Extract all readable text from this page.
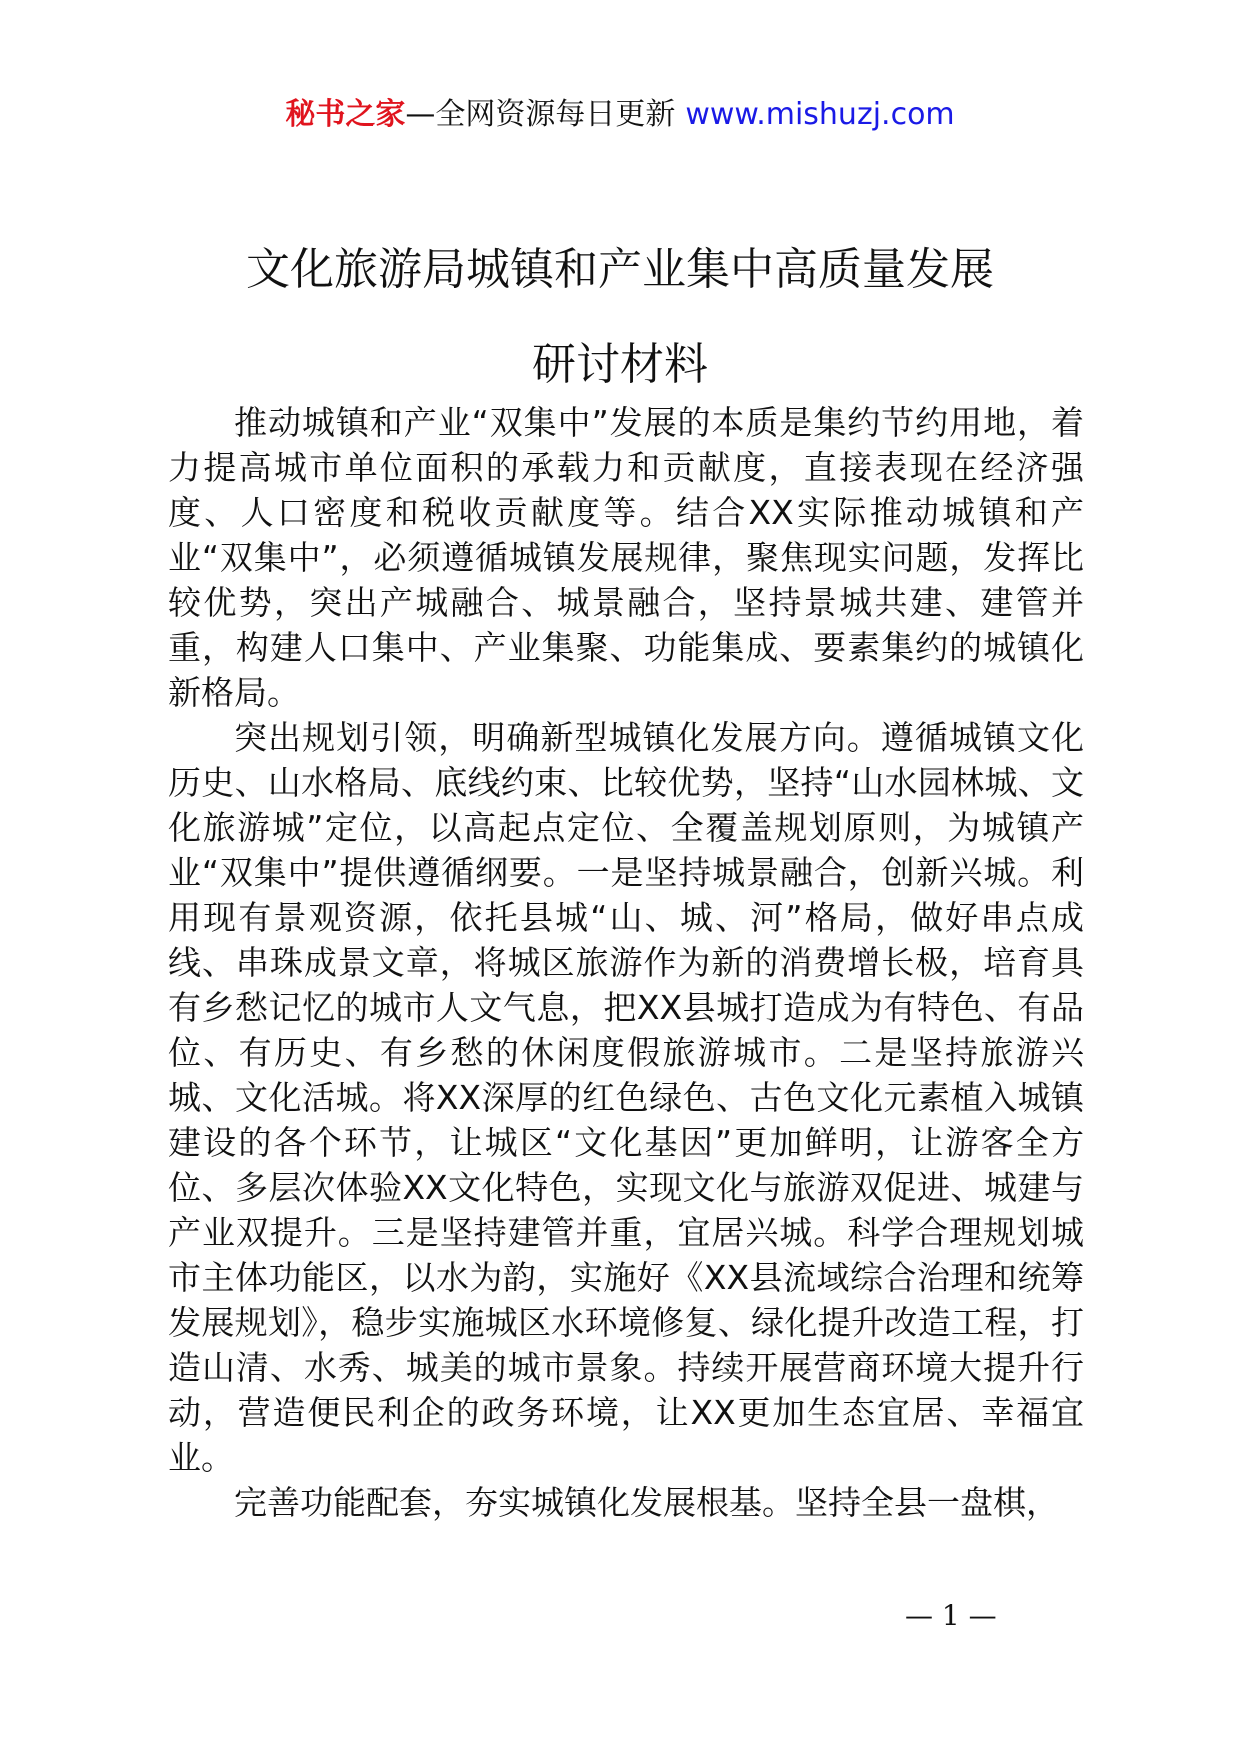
秘书之家—全网资源每日更新 www.mishuzj.com
文化旅游局城镇和产业集中高质量发展
研讨材料

推动城镇和产业“双集中”发展的本质是集约节约用地，着力提高城市单位面积的承载力和贡献度，直接表现在经济强度、人口密度和税收贡献度等。结合XX实际推动城镇和产业“双集中”，必须遵循城镇发展规律，聚焦现实问题，发挥比较优势，突出产城融合、城景融合，坚持景城共建、建管并重，构建人口集中、产业集聚、功能集成、要素集约的城镇化新格局。

突出规划引领，明确新型城镇化发展方向。遵循城镇文化历史、山水格局、底线约束、比较优势，坚持“山水园林城、文化旅游城”定位，以高起点定位、全覆盖规划原则，为城镇产业“双集中”提供遵循纲要。一是坚持城景融合，创新兴城。利用现有景观资源，依托县城“山、城、河”格局，做好串点成线、串珠成景文章，将城区旅游作为新的消费增长极，培育具有乡愁记忆的城市人文气息，把XX县城打造成为有特色、有品位、有历史、有乡愁的休闲度假旅游城市。二是坚持旅游兴城、文化活城。将XX深厚的红色绿色、古色文化元素植入城镇建设的各个环节，让城区“文化基因”更加鲜明，让游客全方位、多层次体验XX文化特色，实现文化与旅游双促进、城建与产业双提升。三是坚持建管并重，宜居兴城。科学合理规划城市主体功能区，以水为韵，实施好《XX县流域综合治理和统筹发展规划》，稳步实施城区水环境修复、绿化提升改造工程，打造山清、水秀、城美的城市景象。持续开展营商环境大提升行动，营造便民利企的政务环境，让XX更加生态宜居、幸福宜业。

完善功能配套，夯实城镇化发展根基。坚持全县一盘棋，

— 1 —
